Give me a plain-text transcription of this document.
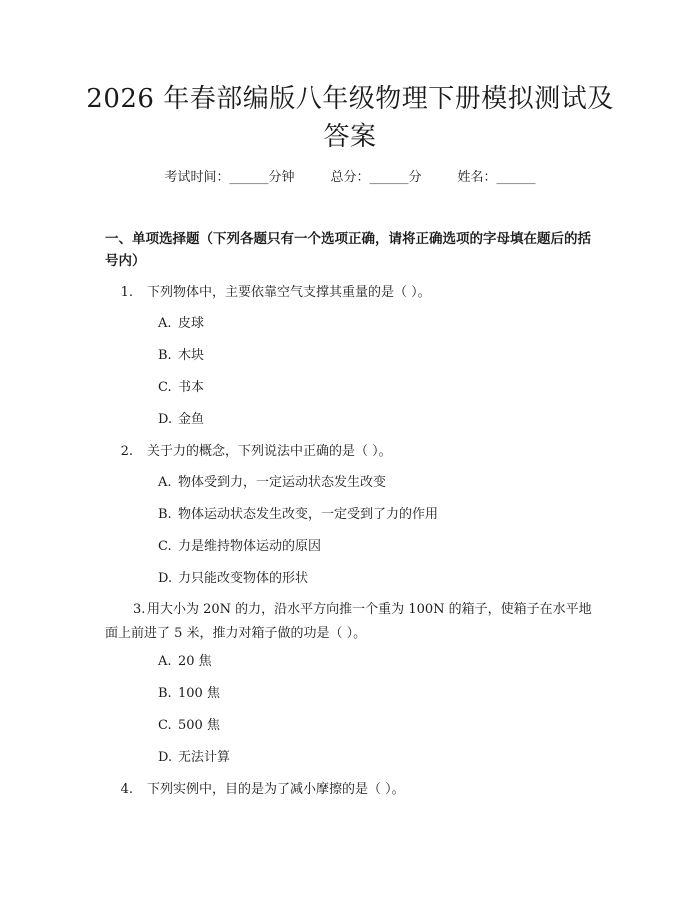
2026 年春部编版八年级物理下册模拟测试及答案
考试时间：______分钟	总分：______分	姓名：______
一、单项选择题（下列各题只有一个选项正确，请将正确选项的字母填在题后的括号内）
1. 下列物体中，主要依靠空气支撑其重量的是（ ）。
A. 皮球
B. 木块
C. 书本
D. 金鱼
2. 关于力的概念，下列说法中正确的是（ ）。
A. 物体受到力，一定运动状态发生改变
B. 物体运动状态发生改变，一定受到了力的作用
C. 力是维持物体运动的原因
D. 力只能改变物体的形状
3. 用大小为 20N 的力，沿水平方向推一个重为 100N 的箱子，使箱子在水平地面上前进了 5 米，推力对箱子做的功是（ ）。
A. 20 焦
B. 100 焦
C. 500 焦
D. 无法计算
4. 下列实例中，目的是为了减小摩擦的是（ ）。
